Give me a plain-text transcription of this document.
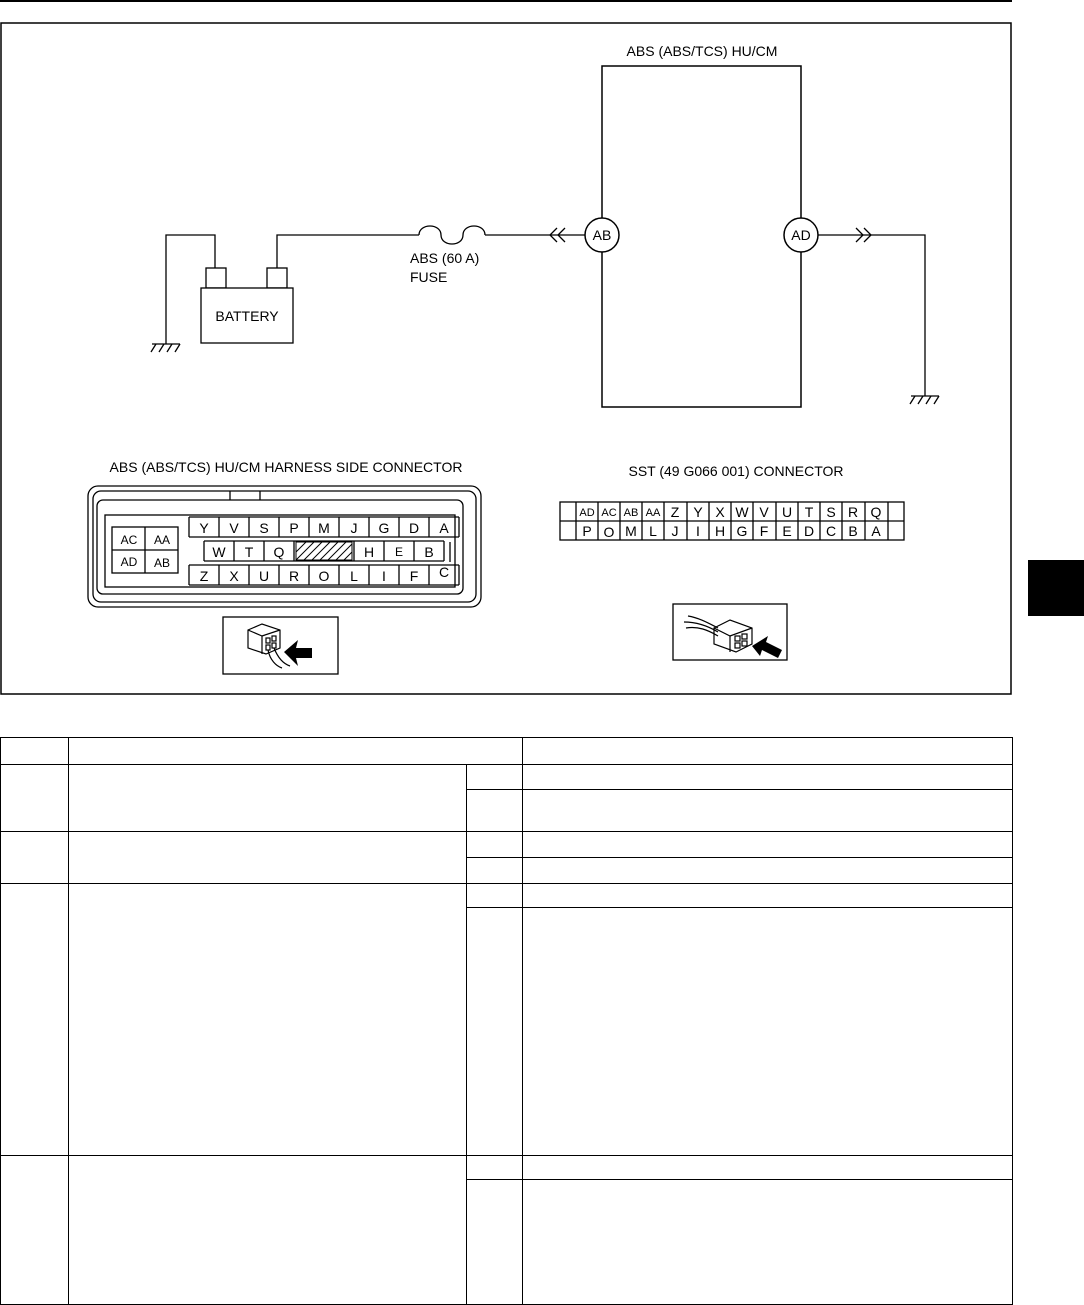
ABS (ABS/TCS) HU/CM
AB	AD
ABS (60 A)
FUSE
BATTERY
ABS (ABS/TCS) HU/CM HARNESS SIDE CONNECTOR
AC AA
AD AB
Y V S P M J G D A
W T Q	H E B
Z X U R O L I F C
SST (49 G066 001) CONNECTOR
AD AC AB AA Z Y X W V U T S R Q
P O M L J I H G F E D C B A
